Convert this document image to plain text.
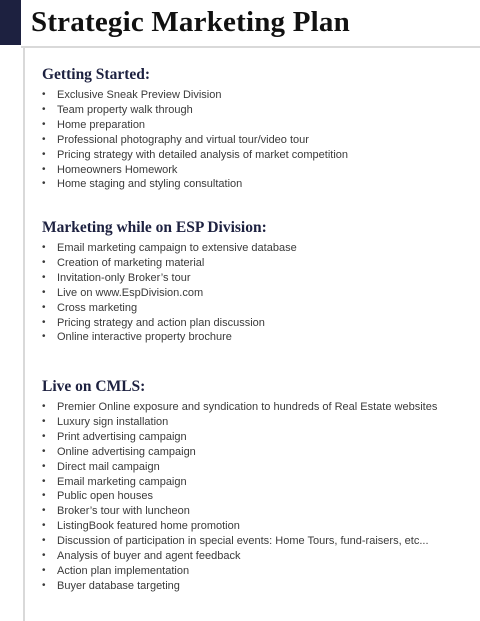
Strategic Marketing Plan
Getting Started:
• Exclusive Sneak Preview Division
• Team property walk through
• Home preparation
• Professional photography and virtual tour/video tour
• Pricing strategy with detailed analysis of market competition
• Homeowners Homework
• Home staging and styling consultation
Marketing while on ESP Division:
• Email marketing campaign to extensive database
• Creation of marketing material
• Invitation-only Broker’s tour
• Live on www.EspDivision.com
• Cross marketing
• Pricing strategy and action plan discussion
• Online interactive property brochure
Live on CMLS:
• Premier Online exposure and syndication to hundreds of Real Estate websites
• Luxury sign installation
• Print advertising campaign
• Online advertising campaign
• Direct mail campaign
• Email marketing campaign
• Public open houses
• Broker’s tour with luncheon
• ListingBook featured home promotion
• Discussion of participation in special events: Home Tours, fund-raisers, etc...
• Analysis of buyer and agent feedback
• Action plan implementation
• Buyer database targeting
